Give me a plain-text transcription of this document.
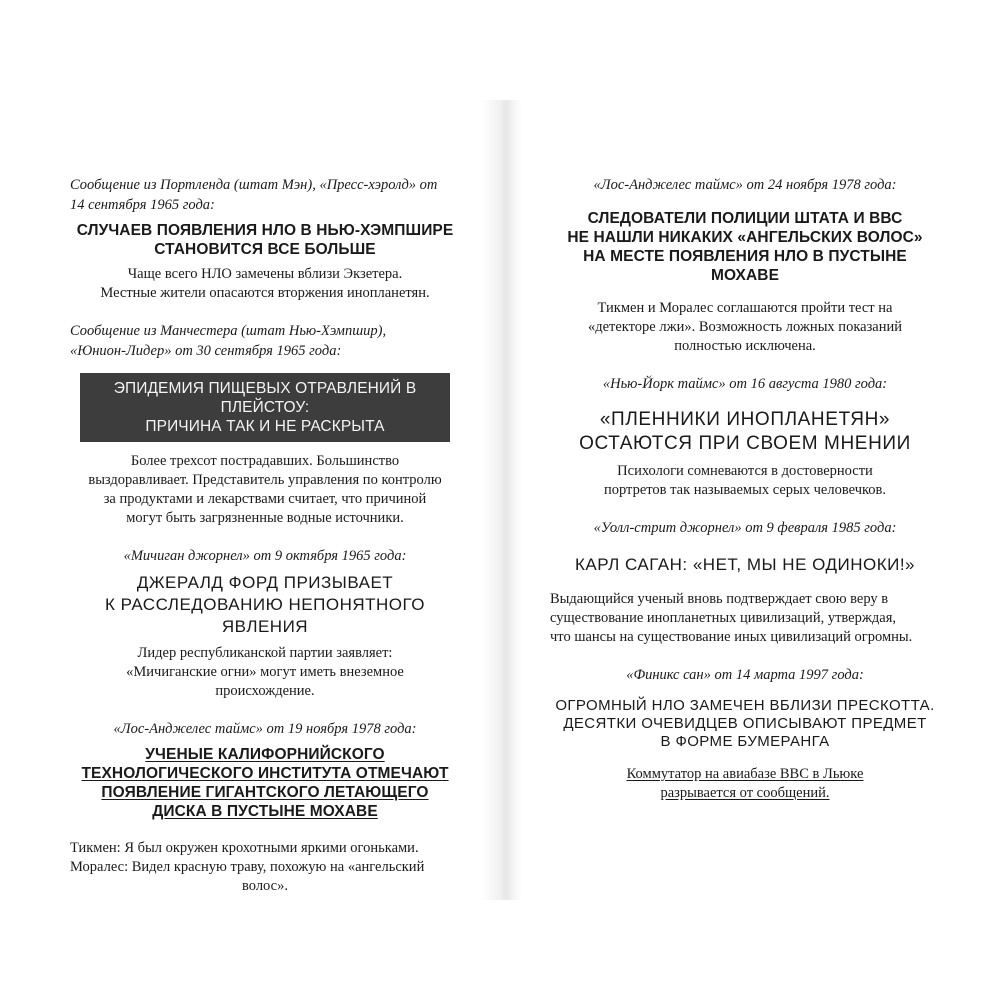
Сообщение из Портленда (штат Мэн), «Пресс-хэролд» от
14 сентября 1965 года:

СЛУЧАЕВ ПОЯВЛЕНИЯ НЛО В НЬЮ-ХЭМПШИРЕ
СТАНОВИТСЯ ВСЕ БОЛЬШЕ

Чаще всего НЛО замечены вблизи Экзетера.
Местные жители опасаются вторжения инопланетян.

Сообщение из Манчестера (штат Нью-Хэмпшир),
«Юнион-Лидер» от 30 сентября 1965 года:

ЭПИДЕМИЯ ПИЩЕВЫХ ОТРАВЛЕНИЙ В ПЛЕЙСТОУ:
ПРИЧИНА ТАК И НЕ РАСКРЫТА

Более трехсот пострадавших. Большинство
выздоравливает. Представитель управления по контролю
за продуктами и лекарствами считает, что причиной
могут быть загрязненные водные источники.

«Мичиган джорнел» от 9 октября 1965 года:

ДЖЕРАЛД ФОРД ПРИЗЫВАЕТ
К РАССЛЕДОВАНИЮ НЕПОНЯТНОГО ЯВЛЕНИЯ

Лидер республиканской партии заявляет:
«Мичиганские огни» могут иметь внеземное
происхождение.

«Лос-Анджелес таймс» от 19 ноября 1978 года:

УЧЕНЫЕ КАЛИФОРНИЙСКОГО
ТЕХНОЛОГИЧЕСКОГО ИНСТИТУТА ОТМЕЧАЮТ
ПОЯВЛЕНИЕ ГИГАНТСКОГО ЛЕТАЮЩЕГО
ДИСКА В ПУСТЫНЕ МОХАВЕ

Тикмен: Я был окружен крохотными яркими огоньками.
Моралес: Видел красную траву, похожую на «ангельский
волос».

«Лос-Анджелес таймс» от 24 ноября 1978 года:

СЛЕДОВАТЕЛИ ПОЛИЦИИ ШТАТА И ВВС
НЕ НАШЛИ НИКАКИХ «АНГЕЛЬСКИХ ВОЛОС»
НА МЕСТЕ ПОЯВЛЕНИЯ НЛО В ПУСТЫНЕ
МОХАВЕ

Тикмен и Моралес соглашаются пройти тест на
«детекторе лжи». Возможность ложных показаний
полностью исключена.

«Нью-Йорк таймс» от 16 августа 1980 года:

«ПЛЕННИКИ ИНОПЛАНЕТЯН»
ОСТАЮТСЯ ПРИ СВОЕМ МНЕНИИ

Психологи сомневаются в достоверности
портретов так называемых серых человечков.

«Уолл-стрит джорнел» от 9 февраля 1985 года:

КАРЛ САГАН: «НЕТ, МЫ НЕ ОДИНОКИ!»

Выдающийся ученый вновь подтверждает свою веру в
существование инопланетных цивилизаций, утверждая,
что шансы на существование иных цивилизаций огромны.

«Финикс сан» от 14 марта 1997 года:

ОГРОМНЫЙ НЛО ЗАМЕЧЕН ВБЛИЗИ ПРЕСКОТТА.
ДЕСЯТКИ ОЧЕВИДЦЕВ ОПИСЫВАЮТ ПРЕДМЕТ
В ФОРМЕ БУМЕРАНГА

Коммутатор на авиабазе ВВС в Льюке
разрывается от сообщений.
